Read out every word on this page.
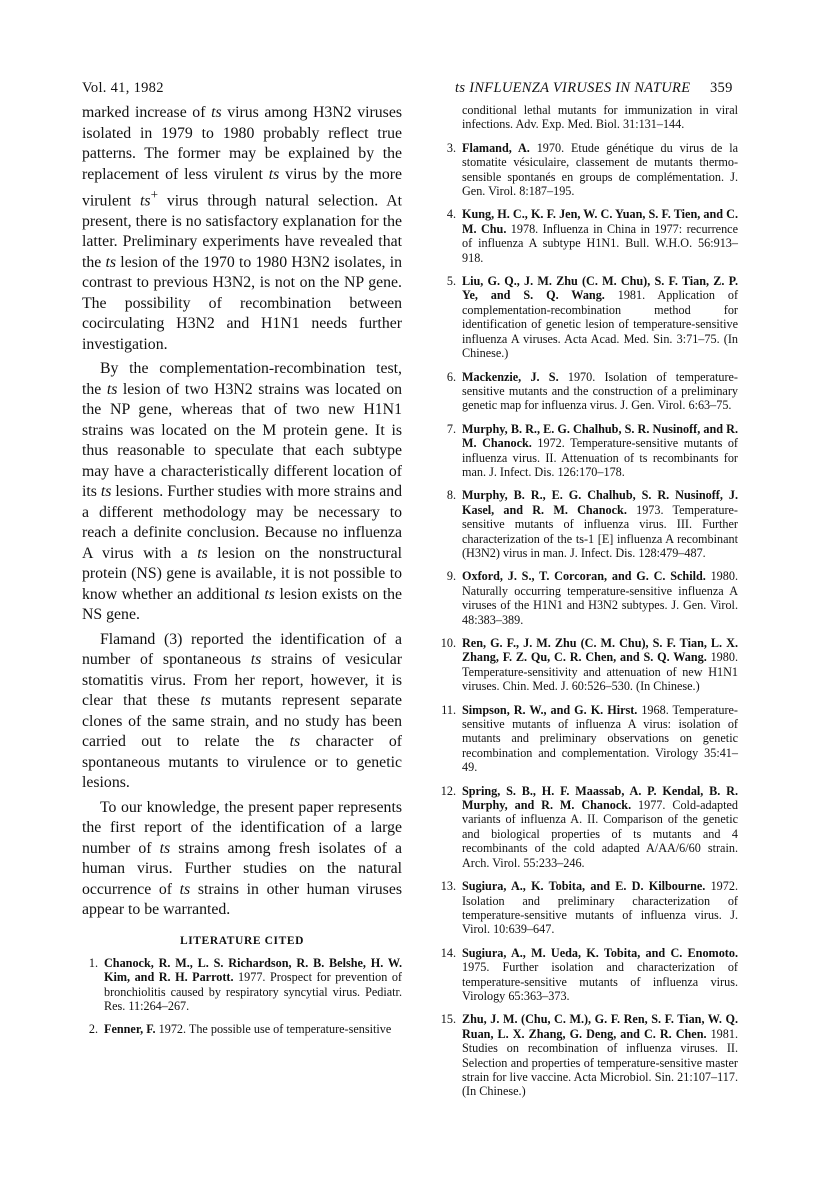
Vol. 41, 1982	ts INFLUENZA VIRUSES IN NATURE 359

marked increase of ts virus among H3N2 viruses isolated in 1979 to 1980 probably reflect true patterns. The former may be explained by the replacement of less virulent ts virus by the more virulent ts+ virus through natural selection. At present, there is no satisfactory explanation for the latter. Preliminary experiments have revealed that the ts lesion of the 1970 to 1980 H3N2 isolates, in contrast to previous H3N2, is not on the NP gene. The possibility of recombination between cocirculating H3N2 and H1N1 needs further investigation.

By the complementation-recombination test, the ts lesion of two H3N2 strains was located on the NP gene, whereas that of two new H1N1 strains was located on the M protein gene. It is thus reasonable to speculate that each subtype may have a characteristically different location of its ts lesions. Further studies with more strains and a different methodology may be necessary to reach a definite conclusion. Because no influenza A virus with a ts lesion on the nonstructural protein (NS) gene is available, it is not possible to know whether an additional ts lesion exists on the NS gene.

Flamand (3) reported the identification of a number of spontaneous ts strains of vesicular stomatitis virus. From her report, however, it is clear that these ts mutants represent separate clones of the same strain, and no study has been carried out to relate the ts character of spontaneous mutants to virulence or to genetic lesions.

To our knowledge, the present paper represents the first report of the identification of a large number of ts strains among fresh isolates of a human virus. Further studies on the natural occurrence of ts strains in other human viruses appear to be warranted.

LITERATURE CITED
1. Chanock, R. M., L. S. Richardson, R. B. Belshe, H. W. Kim, and R. H. Parrott. 1977. Prospect for prevention of bronchiolitis caused by respiratory syncytial virus. Pediatr. Res. 11:264–267.
2. Fenner, F. 1972. The possible use of temperature-sensitive
conditional lethal mutants for immunization in viral infections. Adv. Exp. Med. Biol. 31:131–144.
3. Flamand, A. 1970. Etude génétique du virus de la stomatite vésiculaire, classement de mutants thermo-sensible spontanés en groups de complémentation. J. Gen. Virol. 8:187–195.
4. Kung, H. C., K. F. Jen, W. C. Yuan, S. F. Tien, and C. M. Chu. 1978. Influenza in China in 1977: recurrence of influenza A subtype H1N1. Bull. W.H.O. 56:913–918.
5. Liu, G. Q., J. M. Zhu (C. M. Chu), S. F. Tian, Z. P. Ye, and S. Q. Wang. 1981. Application of complementation-recombination method for identification of genetic lesion of temperature-sensitive influenza A viruses. Acta Acad. Med. Sin. 3:71–75. (In Chinese.)
6. Mackenzie, J. S. 1970. Isolation of temperature-sensitive mutants and the construction of a preliminary genetic map for influenza virus. J. Gen. Virol. 6:63–75.
7. Murphy, B. R., E. G. Chalhub, S. R. Nusinoff, and R. M. Chanock. 1972. Temperature-sensitive mutants of influenza virus. II. Attenuation of ts recombinants for man. J. Infect. Dis. 126:170–178.
8. Murphy, B. R., E. G. Chalhub, S. R. Nusinoff, J. Kasel, and R. M. Chanock. 1973. Temperature-sensitive mutants of influenza virus. III. Further characterization of the ts-1 [E] influenza A recombinant (H3N2) virus in man. J. Infect. Dis. 128:479–487.
9. Oxford, J. S., T. Corcoran, and G. C. Schild. 1980. Naturally occurring temperature-sensitive influenza A viruses of the H1N1 and H3N2 subtypes. J. Gen. Virol. 48:383–389.
10. Ren, G. F., J. M. Zhu (C. M. Chu), S. F. Tian, L. X. Zhang, F. Z. Qu, C. R. Chen, and S. Q. Wang. 1980. Temperature-sensitivity and attenuation of new H1N1 viruses. Chin. Med. J. 60:526–530. (In Chinese.)
11. Simpson, R. W., and G. K. Hirst. 1968. Temperature-sensitive mutants of influenza A virus: isolation of mutants and preliminary observations on genetic recombination and complementation. Virology 35:41–49.
12. Spring, S. B., H. F. Maassab, A. P. Kendal, B. R. Murphy, and R. M. Chanock. 1977. Cold-adapted variants of influenza A. II. Comparison of the genetic and biological properties of ts mutants and 4 recombinants of the cold adapted A/AA/6/60 strain. Arch. Virol. 55:233–246.
13. Sugiura, A., K. Tobita, and E. D. Kilbourne. 1972. Isolation and preliminary characterization of temperature-sensitive mutants of influenza virus. J. Virol. 10:639–647.
14. Sugiura, A., M. Ueda, K. Tobita, and C. Enomoto. 1975. Further isolation and characterization of temperature-sensitive mutants of influenza virus. Virology 65:363–373.
15. Zhu, J. M. (Chu, C. M.), G. F. Ren, S. F. Tian, W. Q. Ruan, L. X. Zhang, G. Deng, and C. R. Chen. 1981. Studies on recombination of influenza viruses. II. Selection and properties of temperature-sensitive master strain for live vaccine. Acta Microbiol. Sin. 21:107–117. (In Chinese.)
